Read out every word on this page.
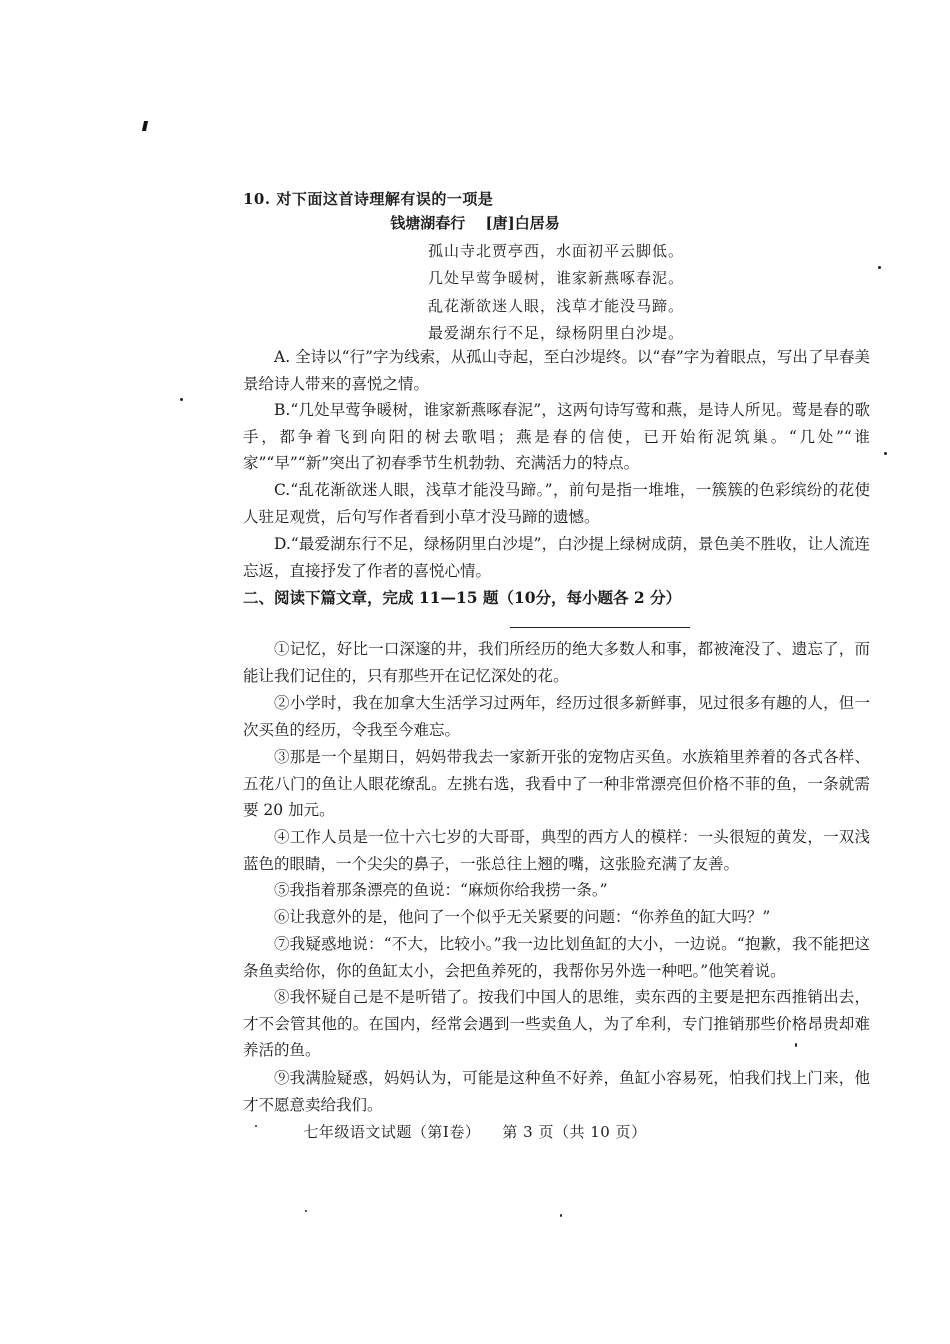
10. 对下面这首诗理解有误的一项是
钱塘湖春行　 [唐]白居易
孤山寺北贾亭西，水面初平云脚低。
几处早莺争暖树，谁家新燕啄春泥。
乱花渐欲迷人眼，浅草才能没马蹄。
最爱湖东行不足，绿杨阴里白沙堤。

A. 全诗以“行”字为线索，从孤山寺起，至白沙堤终。以“春”字为着眼点，写出了早春美景给诗人带来的喜悦之情。

B.“几处早莺争暖树，谁家新燕啄春泥”，这两句诗写莺和燕，是诗人所见。莺是春的歌手，都争着飞到向阳的树去歌唱；燕是春的信使，已开始衔泥筑巢。“几处”“谁家”“早”“新”突出了初春季节生机勃勃、充满活力的特点。

C.“乱花渐欲迷人眼，浅草才能没马蹄。”，前句是指一堆堆，一簇簇的色彩缤纷的花使人驻足观赏，后句写作者看到小草才没马蹄的遗憾。

D.“最爱湖东行不足，绿杨阴里白沙堤”，白沙提上绿树成荫，景色美不胜收，让人流连忘返，直接抒发了作者的喜悦心情。

二、阅读下篇文章，完成 11—15 题（10分，每小题各 2 分）

①记忆，好比一口深邃的井，我们所经历的绝大多数人和事，都被淹没了、遗忘了，而能让我们记住的，只有那些开在记忆深处的花。

②小学时，我在加拿大生活学习过两年，经历过很多新鲜事，见过很多有趣的人，但一次买鱼的经历，令我至今难忘。

③那是一个星期日，妈妈带我去一家新开张的宠物店买鱼。水族箱里养着的各式各样、五花八门的鱼让人眼花缭乱。左挑右选，我看中了一种非常漂亮但价格不菲的鱼，一条就需要 20 加元。

④工作人员是一位十六七岁的大哥哥，典型的西方人的模样：一头很短的黄发，一双浅蓝色的眼睛，一个尖尖的鼻子，一张总往上翘的嘴，这张脸充满了友善。

⑤我指着那条漂亮的鱼说：“麻烦你给我捞一条。”

⑥让我意外的是，他问了一个似乎无关紧要的问题：“你养鱼的缸大吗？”

⑦我疑惑地说：“不大，比较小。”我一边比划鱼缸的大小，一边说。“抱歉，我不能把这条鱼卖给你，你的鱼缸太小，会把鱼养死的，我帮你另外选一种吧。”他笑着说。

⑧我怀疑自己是不是听错了。按我们中国人的思维，卖东西的主要是把东西推销出去，才不会管其他的。在国内，经常会遇到一些卖鱼人，为了牟利，专门推销那些价格昂贵却难养活的鱼。

⑨我满脸疑惑，妈妈认为，可能是这种鱼不好养，鱼缸小容易死，怕我们找上门来，他才不愿意卖给我们。

七年级语文试题（第Ⅰ卷） 第 3 页（共 10 页）
